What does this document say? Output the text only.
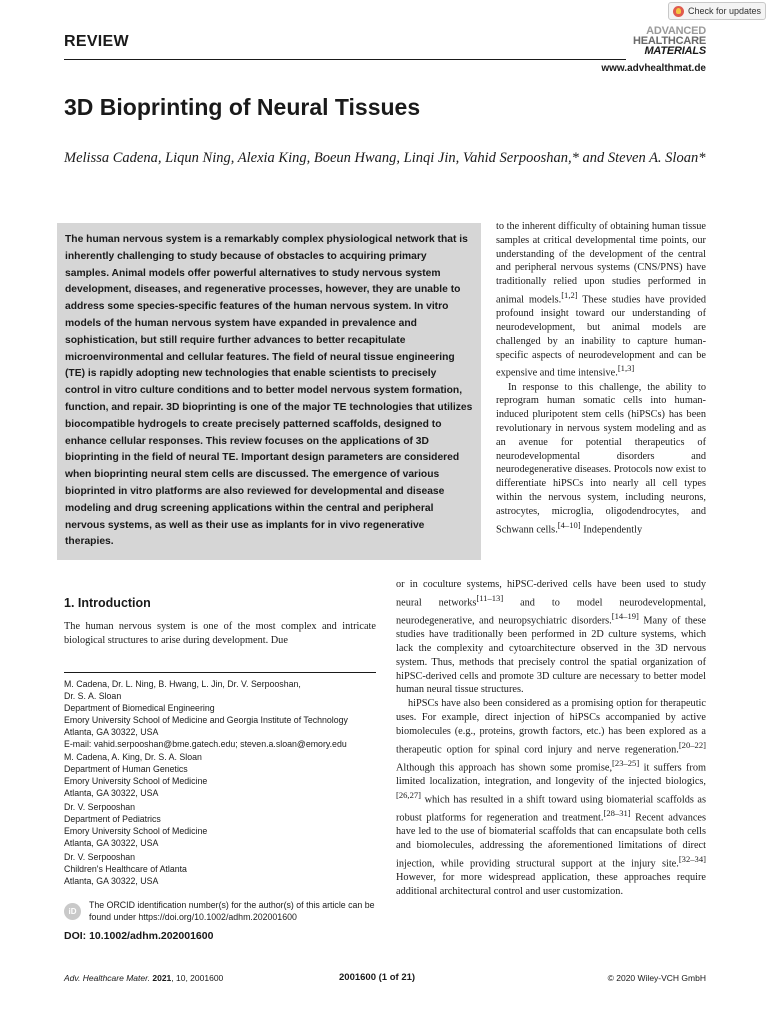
Check for updates
REVIEW
ADVANCED
HEALTHCARE
MATERIALS
www.advhealthmat.de
3D Bioprinting of Neural Tissues
Melissa Cadena, Liqun Ning, Alexia King, Boeun Hwang, Linqi Jin, Vahid Serpooshan,* and Steven A. Sloan*

The human nervous system is a remarkably complex physiological network that is inherently challenging to study because of obstacles to acquiring primary samples. Animal models offer powerful alternatives to study nervous system development, diseases, and regenerative processes, however, they are unable to address some species-specific features of the human nervous system. In vitro models of the human nervous system have expanded in prevalence and sophistication, but still require further advances to better recapitulate microenvironmental and cellular features. The field of neural tissue engineering (TE) is rapidly adopting new technologies that enable scientists to precisely control in vitro culture conditions and to better model nervous system formation, function, and repair. 3D bioprinting is one of the major TE technologies that utilizes biocompatible hydrogels to create precisely patterned scaffolds, designed to enhance cellular responses. This review focuses on the applications of 3D bioprinting in the field of neural TE. Important design parameters are considered when bioprinting neural stem cells are discussed. The emergence of various bioprinted in vitro platforms are also reviewed for developmental and disease modeling and drug screening applications within the central and peripheral nervous systems, as well as their use as implants for in vivo regenerative therapies.

to the inherent difficulty of obtaining human tissue samples at critical developmental time points, our understanding of the development of the central and peripheral nervous systems (CNS/PNS) have traditionally relied upon studies performed in animal models.[1,2] These studies have provided profound insight toward our understanding of neurodevelopment, but animal models are challenged by an inability to capture human-specific aspects of neurodevelopment and can be expensive and time intensive.[1,3]

In response to this challenge, the ability to reprogram human somatic cells into human-induced pluripotent stem cells (hiPSCs) has been revolutionary in nervous system modeling and as an avenue for potential therapeutics of neurodevelopmental disorders and neurodegenerative diseases. Protocols now exist to differentiate hiPSCs into nearly all cell types within the nervous system, including neurons, astrocytes, microglia, oligodendrocytes, and Schwann cells.[4–10] Independently

or in coculture systems, hiPSC-derived cells have been used to study neural networks[11–13] and to model neurodevelopmental, neurodegenerative, and neuropsychiatric disorders.[14–19] Many of these studies have traditionally been performed in 2D culture systems, which lack the complexity and cytoarchitecture observed in the 3D nervous system. Thus, methods that precisely control the spatial organization of hiPSC-derived cells and promote 3D culture are necessary to better model human neural tissue structures.

hiPSCs have also been considered as a promising option for therapeutic uses. For example, direct injection of hiPSCs accompanied by active biomolecules (e.g., proteins, growth factors, etc.) has been explored as a therapeutic option for spinal cord injury and nerve regeneration.[20–22] Although this approach has shown some promise,[23–25] it suffers from limited localization, integration, and longevity of the injected biologics,[26,27] which has resulted in a shift toward using biomaterial scaffolds as robust platforms for regeneration and treatment.[28–31] Recent advances have led to the use of biomaterial scaffolds that can encapsulate both cells and biomolecules, addressing the aforementioned limitations of direct injection, while providing structural support at the injury site.[32–34] However, for more widespread application, these approaches require additional architectural control and user customization.

1. Introduction

The human nervous system is one of the most complex and intricate biological structures to arise during development. Due

M. Cadena, Dr. L. Ning, B. Hwang, L. Jin, Dr. V. Serpooshan,
Dr. S. A. Sloan
Department of Biomedical Engineering
Emory University School of Medicine and Georgia Institute of Technology
Atlanta, GA 30322, USA
E-mail: vahid.serpooshan@bme.gatech.edu; steven.a.sloan@emory.edu
M. Cadena, A. King, Dr. S. A. Sloan
Department of Human Genetics
Emory University School of Medicine
Atlanta, GA 30322, USA
Dr. V. Serpooshan
Department of Pediatrics
Emory University School of Medicine
Atlanta, GA 30322, USA
Dr. V. Serpooshan
Children's Healthcare of Atlanta
Atlanta, GA 30322, USA
iD
The ORCID identification number(s) for the author(s) of this article can be found under https://doi.org/10.1002/adhm.202001600
DOI: 10.1002/adhm.202001600
Adv. Healthcare Mater. 2021, 10, 2001600	2001600 (1 of 21)	© 2020 Wiley-VCH GmbH
